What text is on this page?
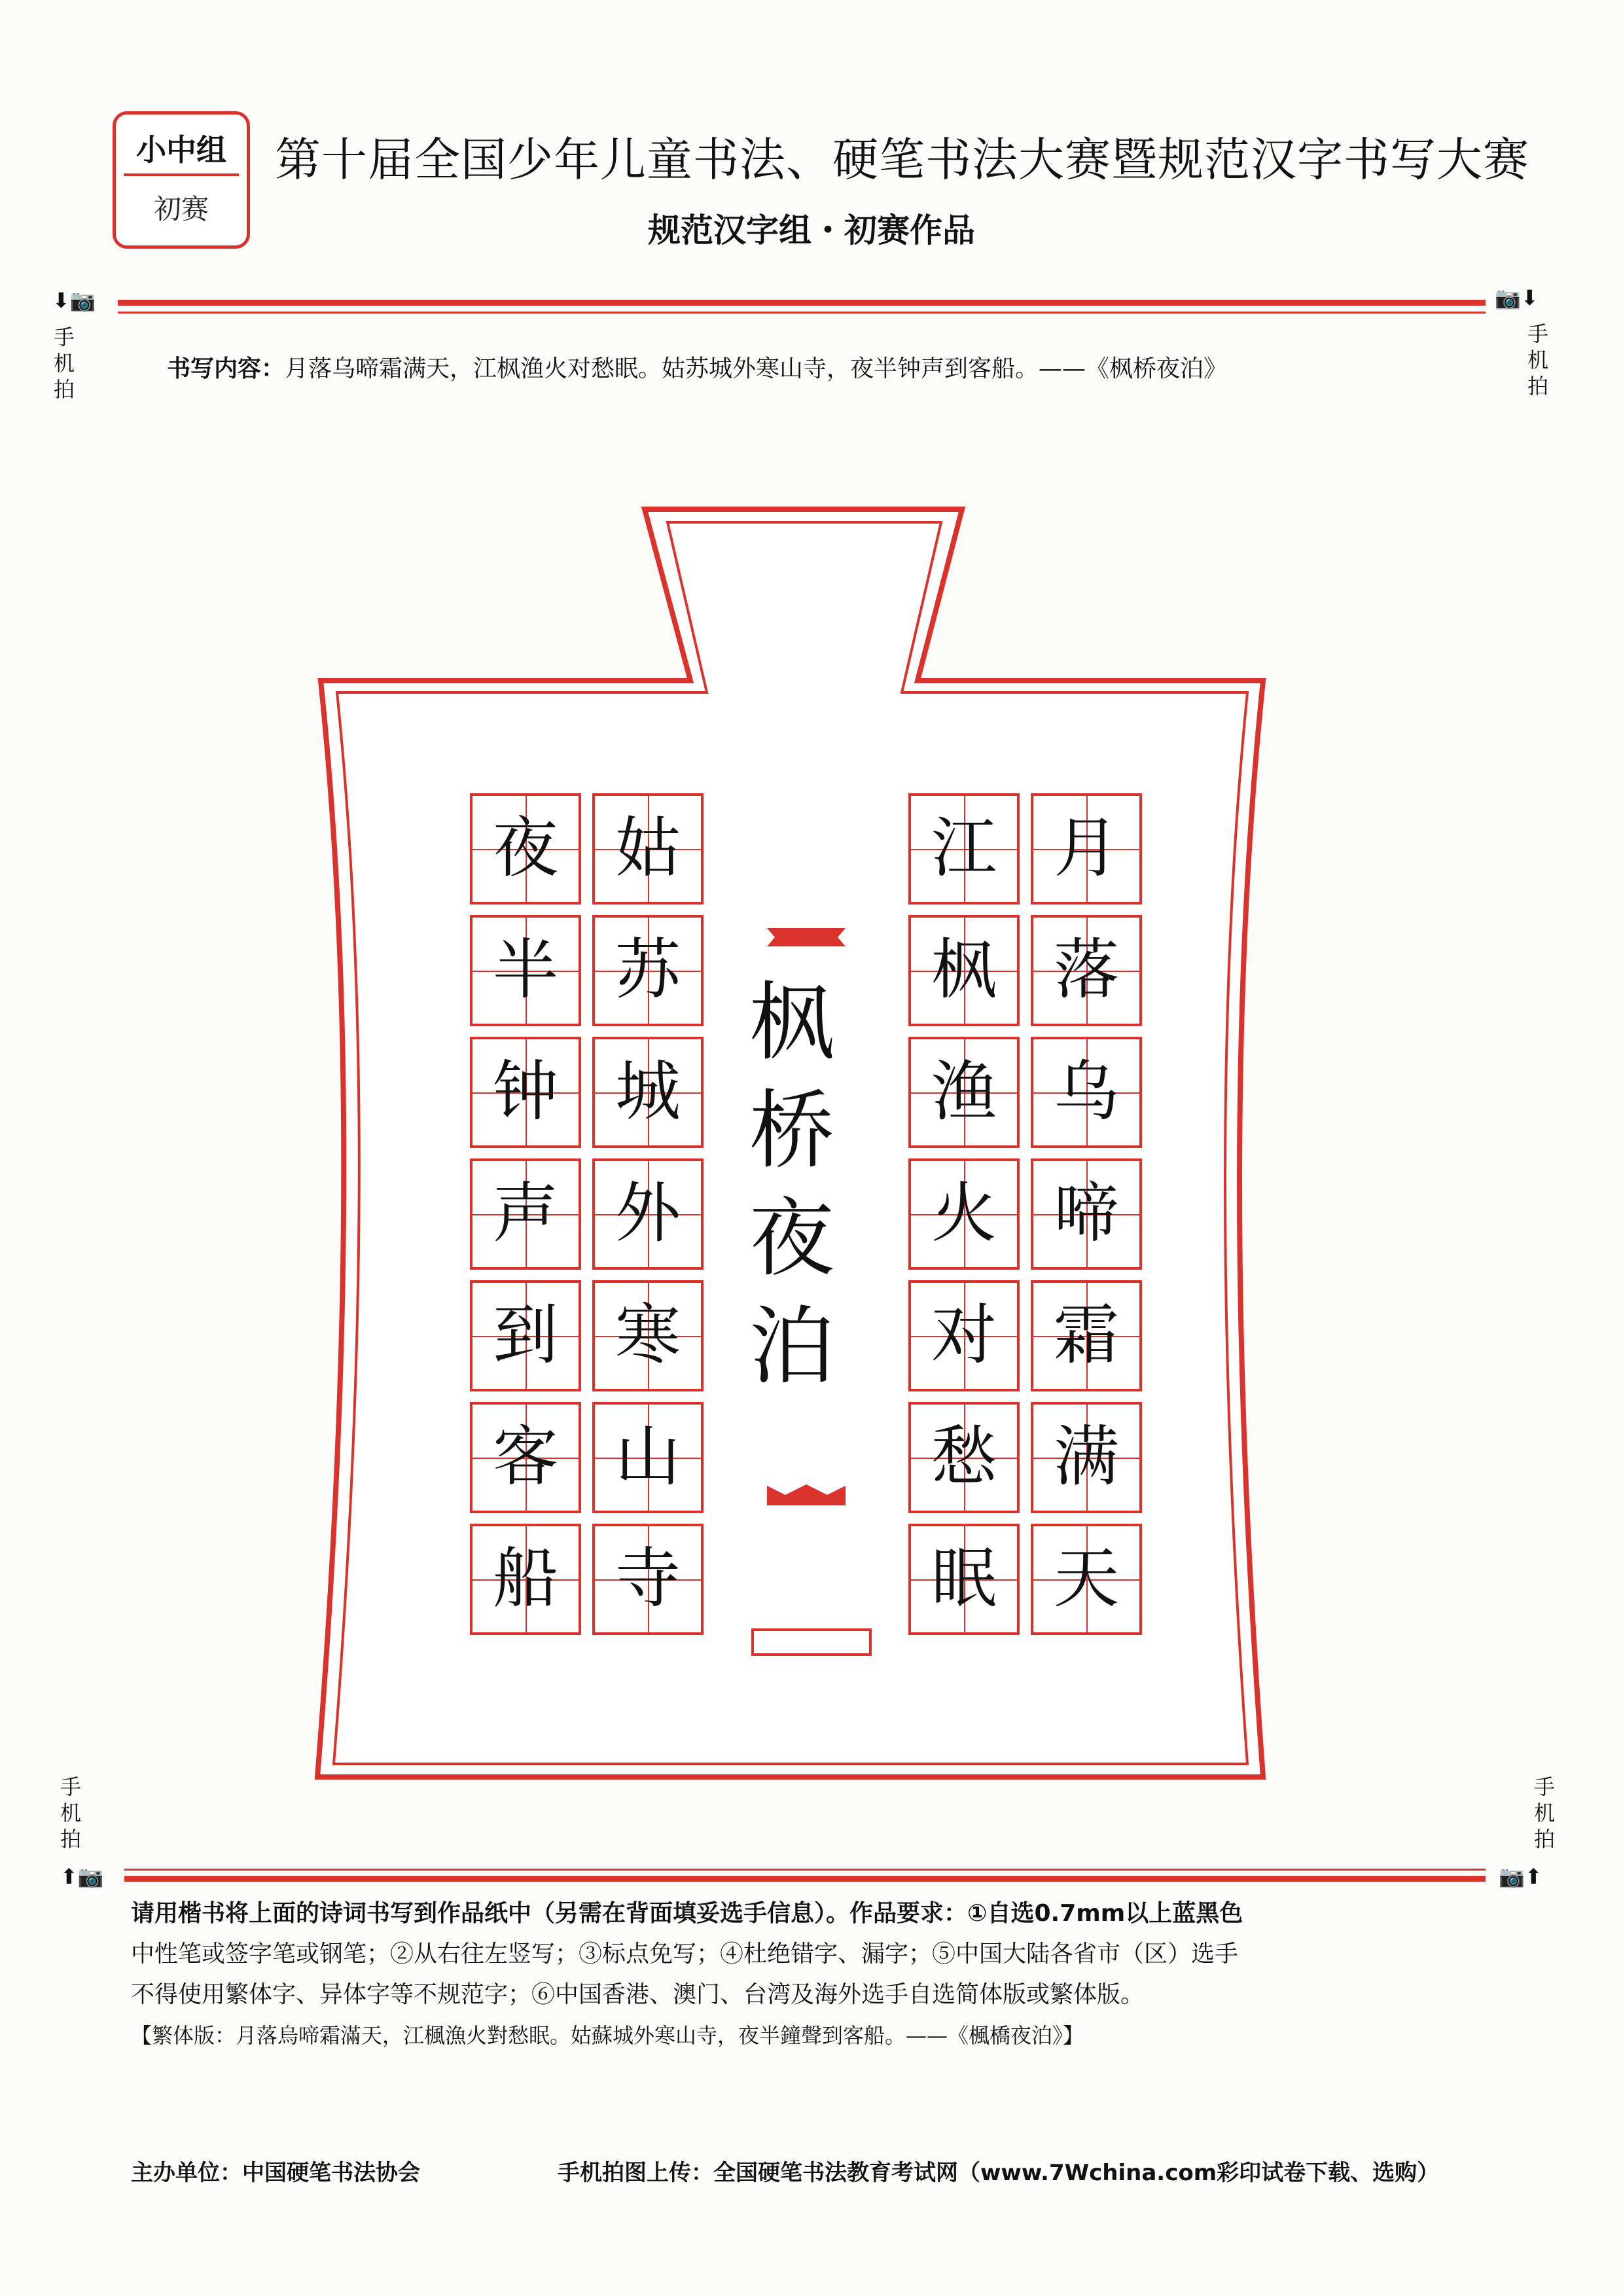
小中组
初赛
第十届全国少年儿童书法、硬笔书法大赛暨规范汉字书写大赛
规范汉字组・初赛作品
⬇📷
手
机
拍
📷⬇
手
机
拍
书写内容：月落乌啼霜满天，江枫渔火对愁眠。姑苏城外寒山寺，夜半钟声到客船。——《枫桥夜泊》
枫
桥
夜
泊
月
落
乌
啼
霜
满
天
江
枫
渔
火
对
愁
眠
姑
苏
城
外
寒
山
寺
夜
半
钟
声
到
客
船
手
机
拍
⬆📷
手
机
拍
📷⬆
请用楷书将上面的诗词书写到作品纸中（另需在背面填妥选手信息）。作品要求：①自选0.7mm以上蓝黑色
中性笔或签字笔或钢笔；②从右往左竖写；③标点免写；④杜绝错字、漏字；⑤中国大陆各省市（区）选手
不得使用繁体字、异体字等不规范字；⑥中国香港、澳门、台湾及海外选手自选简体版或繁体版。
【繁体版：月落烏啼霜滿天，江楓漁火對愁眠。姑蘇城外寒山寺，夜半鐘聲到客船。——《楓橋夜泊》】
主办单位：中国硬笔书法协会	手机拍图上传：全国硬笔书法教育考试网（www.7Wchina.com彩印试卷下载、选购）
